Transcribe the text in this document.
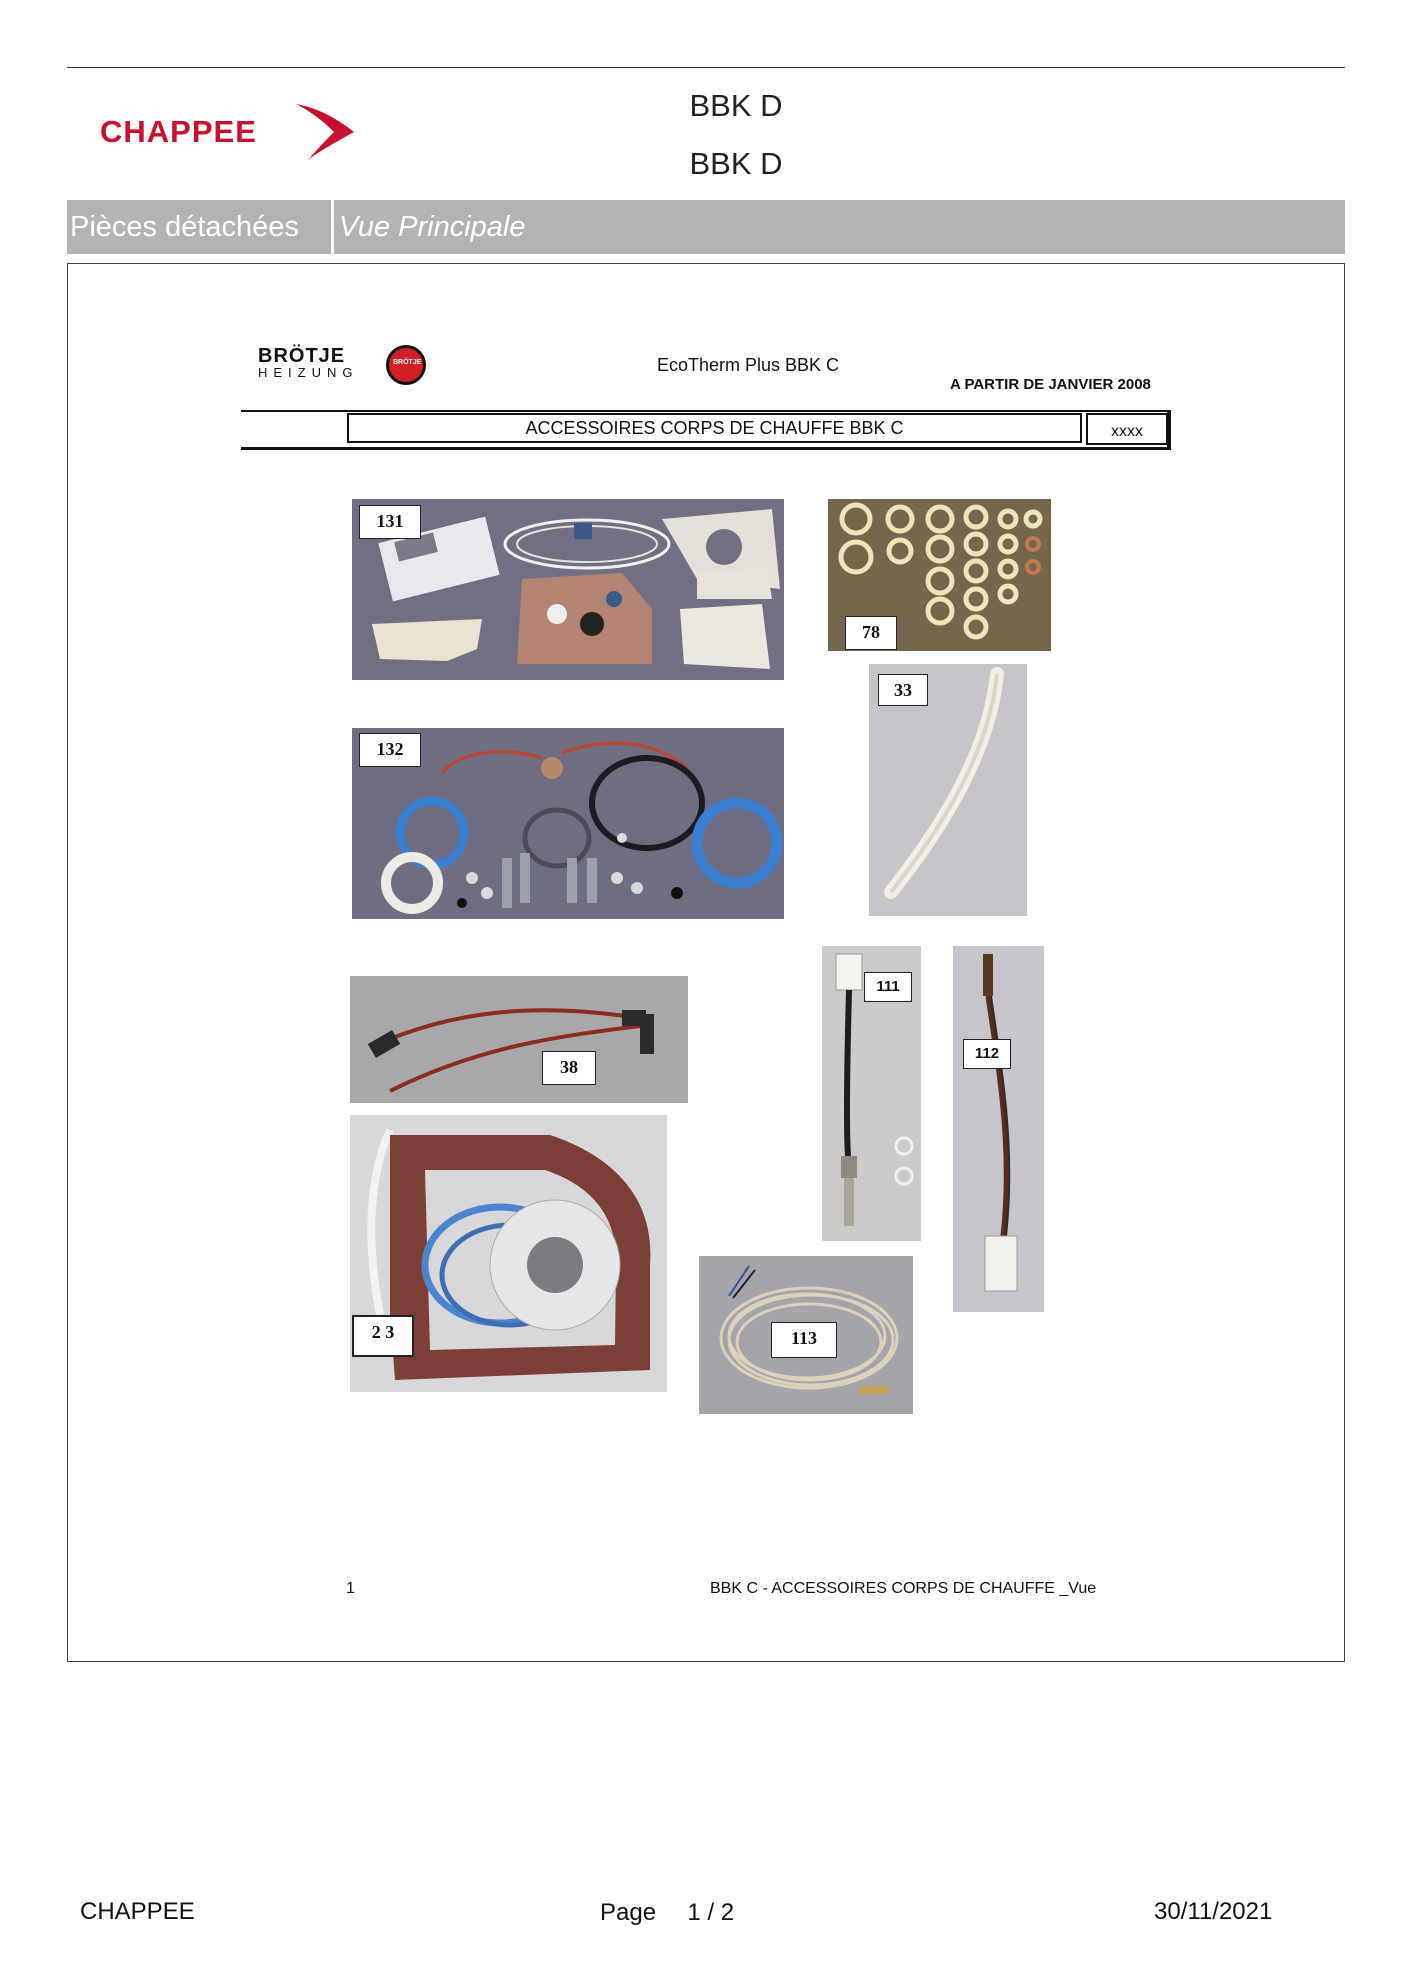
CHAPPEE
BBK D
BBK D
Pièces détachées	Vue Principale
BRÖTJE
HEIZUNG
BRÖTJE	EcoTherm Plus BBK C
A PARTIR DE JANVIER 2008
ACCESSOIRES CORPS DE CHAUFFE BBK C	xxxx
131
78
33
132
111
112
38
2 3	113
1	BBK C - ACCESSOIRES CORPS DE CHAUFFE _Vue
CHAPPEE	Page 1 / 2	30/11/2021
